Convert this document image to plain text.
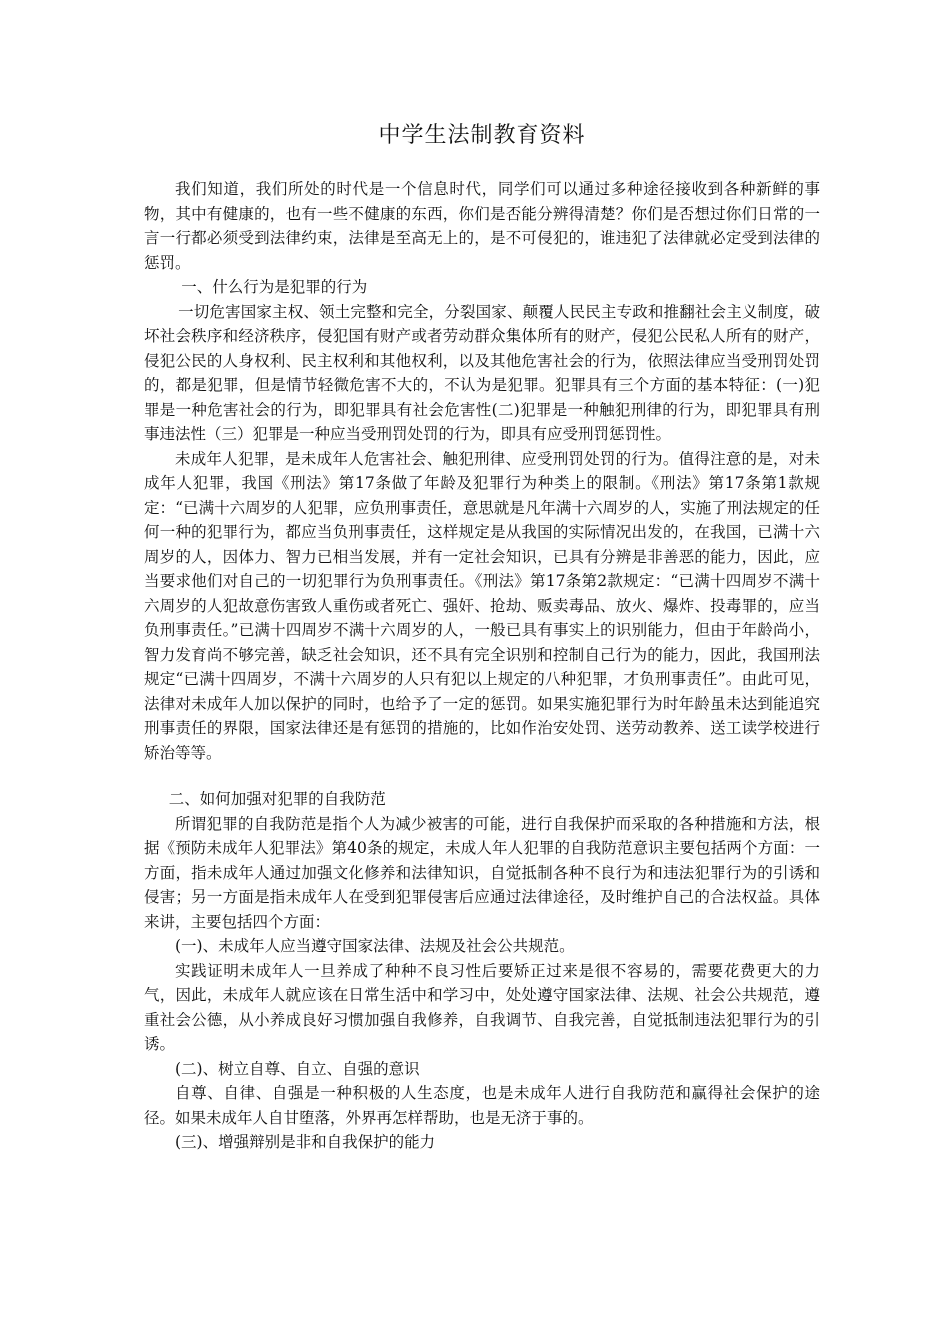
中学生法制教育资料

我们知道，我们所处的时代是一个信息时代，同学们可以通过多种途径接收到各种新鲜的事物，其中有健康的，也有一些不健康的东西，你们是否能分辨得清楚？你们是否想过你们日常的一言一行都必须受到法律约束，法律是至高无上的，是不可侵犯的，谁违犯了法律就必定受到法律的惩罚。

一、什么行为是犯罪的行为

一切危害国家主权、领土完整和完全，分裂国家、颠覆人民民主专政和推翻社会主义制度，破坏社会秩序和经济秩序，侵犯国有财产或者劳动群众集体所有的财产，侵犯公民私人所有的财产，侵犯公民的人身权利、民主权利和其他权利，以及其他危害社会的行为，依照法律应当受刑罚处罚的，都是犯罪，但是情节轻微危害不大的，不认为是犯罪。犯罪具有三个方面的基本特征：(一)犯罪是一种危害社会的行为，即犯罪具有社会危害性(二)犯罪是一种触犯刑律的行为，即犯罪具有刑事违法性（三）犯罪是一种应当受刑罚处罚的行为，即具有应受刑罚惩罚性。

未成年人犯罪，是未成年人危害社会、触犯刑律、应受刑罚处罚的行为。值得注意的是，对未成年人犯罪，我国《刑法》第17条做了年龄及犯罪行为种类上的限制。《刑法》第17条第1款规定：“已满十六周岁的人犯罪，应负刑事责任，意思就是凡年满十六周岁的人，实施了刑法规定的任何一种的犯罪行为，都应当负刑事责任，这样规定是从我国的实际情况出发的，在我国，已满十六周岁的人，因体力、智力已相当发展，并有一定社会知识，已具有分辨是非善恶的能力，因此，应当要求他们对自己的一切犯罪行为负刑事责任。《刑法》第17条第2款规定：“已满十四周岁不满十六周岁的人犯故意伤害致人重伤或者死亡、强奸、抢劫、贩卖毒品、放火、爆炸、投毒罪的，应当负刑事责任。”已满十四周岁不满十六周岁的人，一般已具有事实上的识别能力，但由于年龄尚小，智力发育尚不够完善，缺乏社会知识，还不具有完全识别和控制自己行为的能力，因此，我国刑法规定“已满十四周岁，不满十六周岁的人只有犯以上规定的八种犯罪，才负刑事责任”。由此可见，法律对未成年人加以保护的同时，也给予了一定的惩罚。如果实施犯罪行为时年龄虽未达到能追究刑事责任的界限，国家法律还是有惩罚的措施的，比如作治安处罚、送劳动教养、送工读学校进行矫治等等。

二、如何加强对犯罪的自我防范

所谓犯罪的自我防范是指个人为减少被害的可能，进行自我保护而采取的各种措施和方法，根据《预防未成年人犯罪法》第40条的规定，未成人年人犯罪的自我防范意识主要包括两个方面：一方面，指未成年人通过加强文化修养和法律知识，自觉抵制各种不良行为和违法犯罪行为的引诱和侵害；另一方面是指未成年人在受到犯罪侵害后应通过法律途径，及时维护自己的合法权益。具体来讲，主要包括四个方面：

(一)、未成年人应当遵守国家法律、法规及社会公共规范。

实践证明未成年人一旦养成了种种不良习性后要矫正过来是很不容易的，需要花费更大的力气，因此，未成年人就应该在日常生活中和学习中，处处遵守国家法律、法规、社会公共规范，遵重社会公德，从小养成良好习惯加强自我修养，自我调节、自我完善，自觉抵制违法犯罪行为的引诱。

(二)、树立自尊、自立、自强的意识

自尊、自律、自强是一种积极的人生态度，也是未成年人进行自我防范和赢得社会保护的途径。如果未成年人自甘堕落，外界再怎样帮助，也是无济于事的。

(三)、增强辩别是非和自我保护的能力
